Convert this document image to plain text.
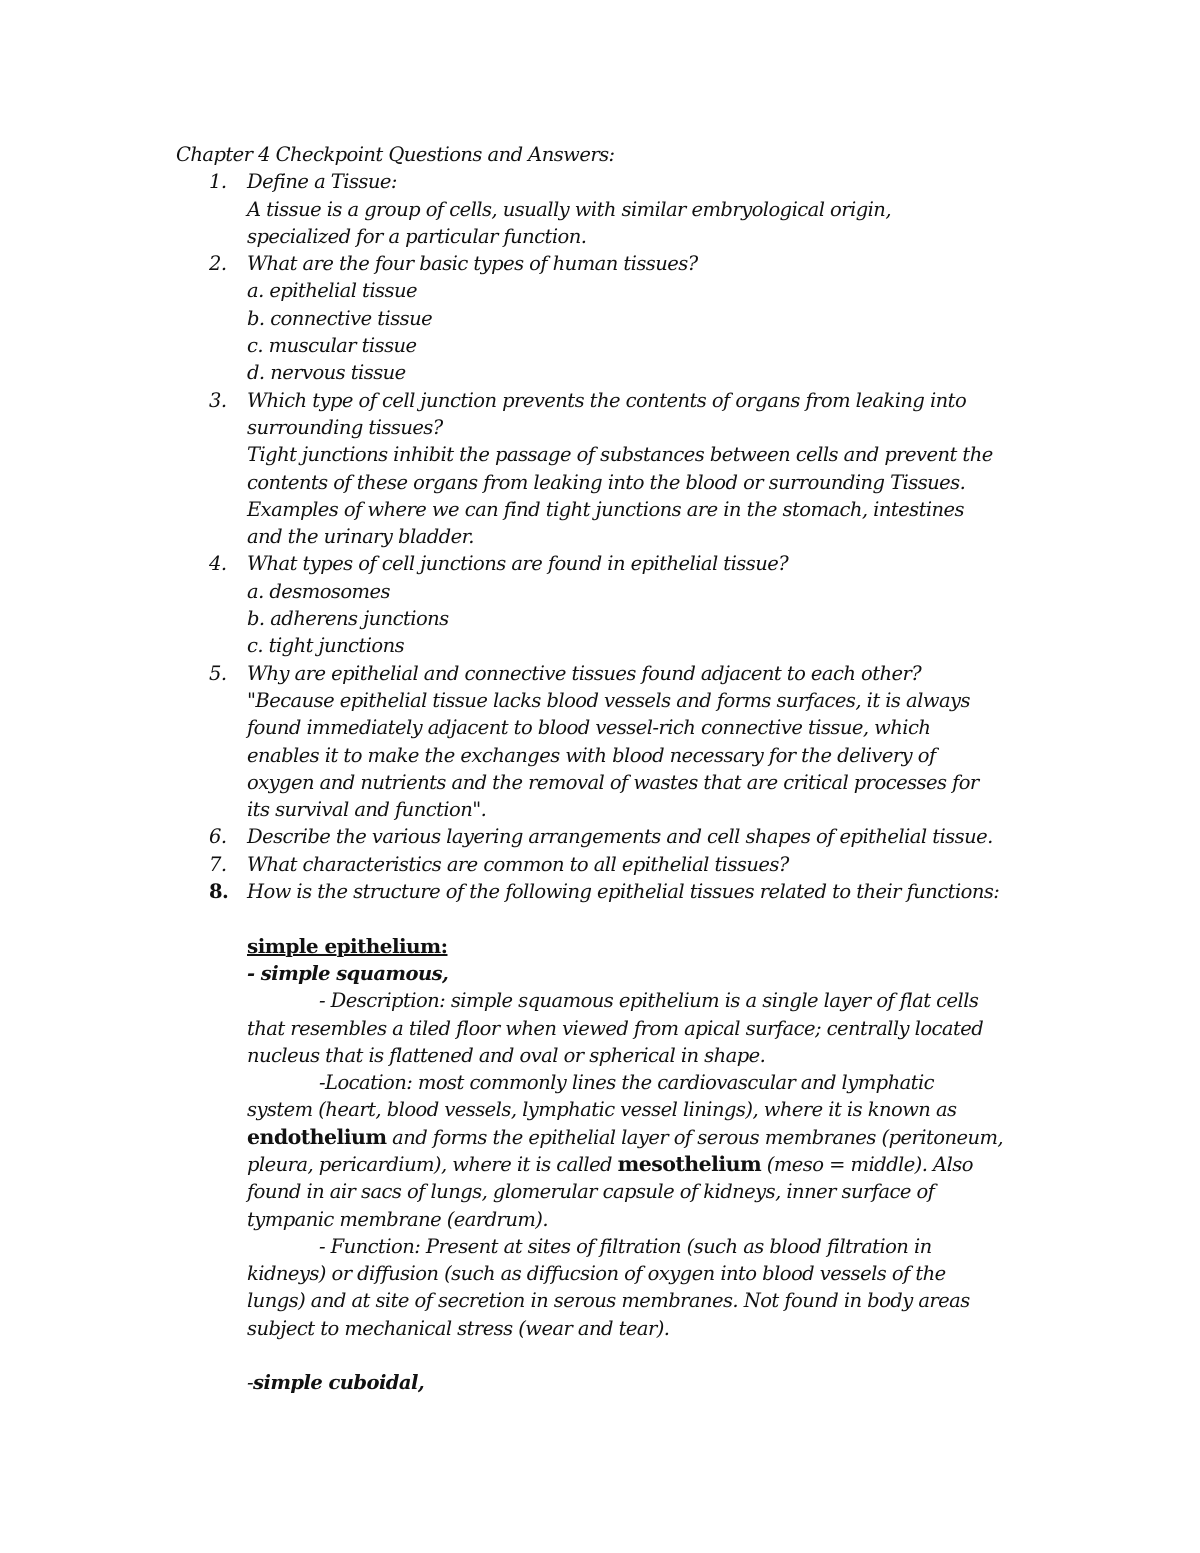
Chapter 4 Checkpoint Questions and Answers:
1. Define a Tissue:
A tissue is a group of cells, usually with similar embryological origin,
specialized for a particular function.
2. What are the four basic types of human tissues?
a. epithelial tissue
b. connective tissue
c. muscular tissue
d. nervous tissue
3. Which type of cell junction prevents the contents of organs from leaking into
surrounding tissues?
Tight junctions inhibit the passage of substances between cells and prevent the
contents of these organs from leaking into the blood or surrounding Tissues.
Examples of where we can find tight junctions are in the stomach, intestines
and the urinary bladder.
4. What types of cell junctions are found in epithelial tissue?
a. desmosomes
b. adherens junctions
c. tight junctions
5. Why are epithelial and connective tissues found adjacent to each other?
"Because epithelial tissue lacks blood vessels and forms surfaces, it is always
found immediately adjacent to blood vessel-rich connective tissue, which
enables it to make the exchanges with blood necessary for the delivery of
oxygen and nutrients and the removal of wastes that are critical processes for
its survival and function".
6. Describe the various layering arrangements and cell shapes of epithelial tissue.
7. What characteristics are common to all epithelial tissues?
8. How is the structure of the following epithelial tissues related to their functions:
simple epithelium:
- simple squamous,
- Description: simple squamous epithelium is a single layer of flat cells
that resembles a tiled floor when viewed from apical surface; centrally located
nucleus that is flattened and oval or spherical in shape.
-Location: most commonly lines the cardiovascular and lymphatic
system (heart, blood vessels, lymphatic vessel linings), where it is known as
endothelium and forms the epithelial layer of serous membranes (peritoneum,
pleura, pericardium), where it is called mesothelium (meso = middle). Also
found in air sacs of lungs, glomerular capsule of kidneys, inner surface of
tympanic membrane (eardrum).
- Function: Present at sites of filtration (such as blood filtration in
kidneys) or diffusion (such as diffucsion of oxygen into blood vessels of the
lungs) and at site of secretion in serous membranes. Not found in body areas
subject to mechanical stress (wear and tear).
-simple cuboidal,
